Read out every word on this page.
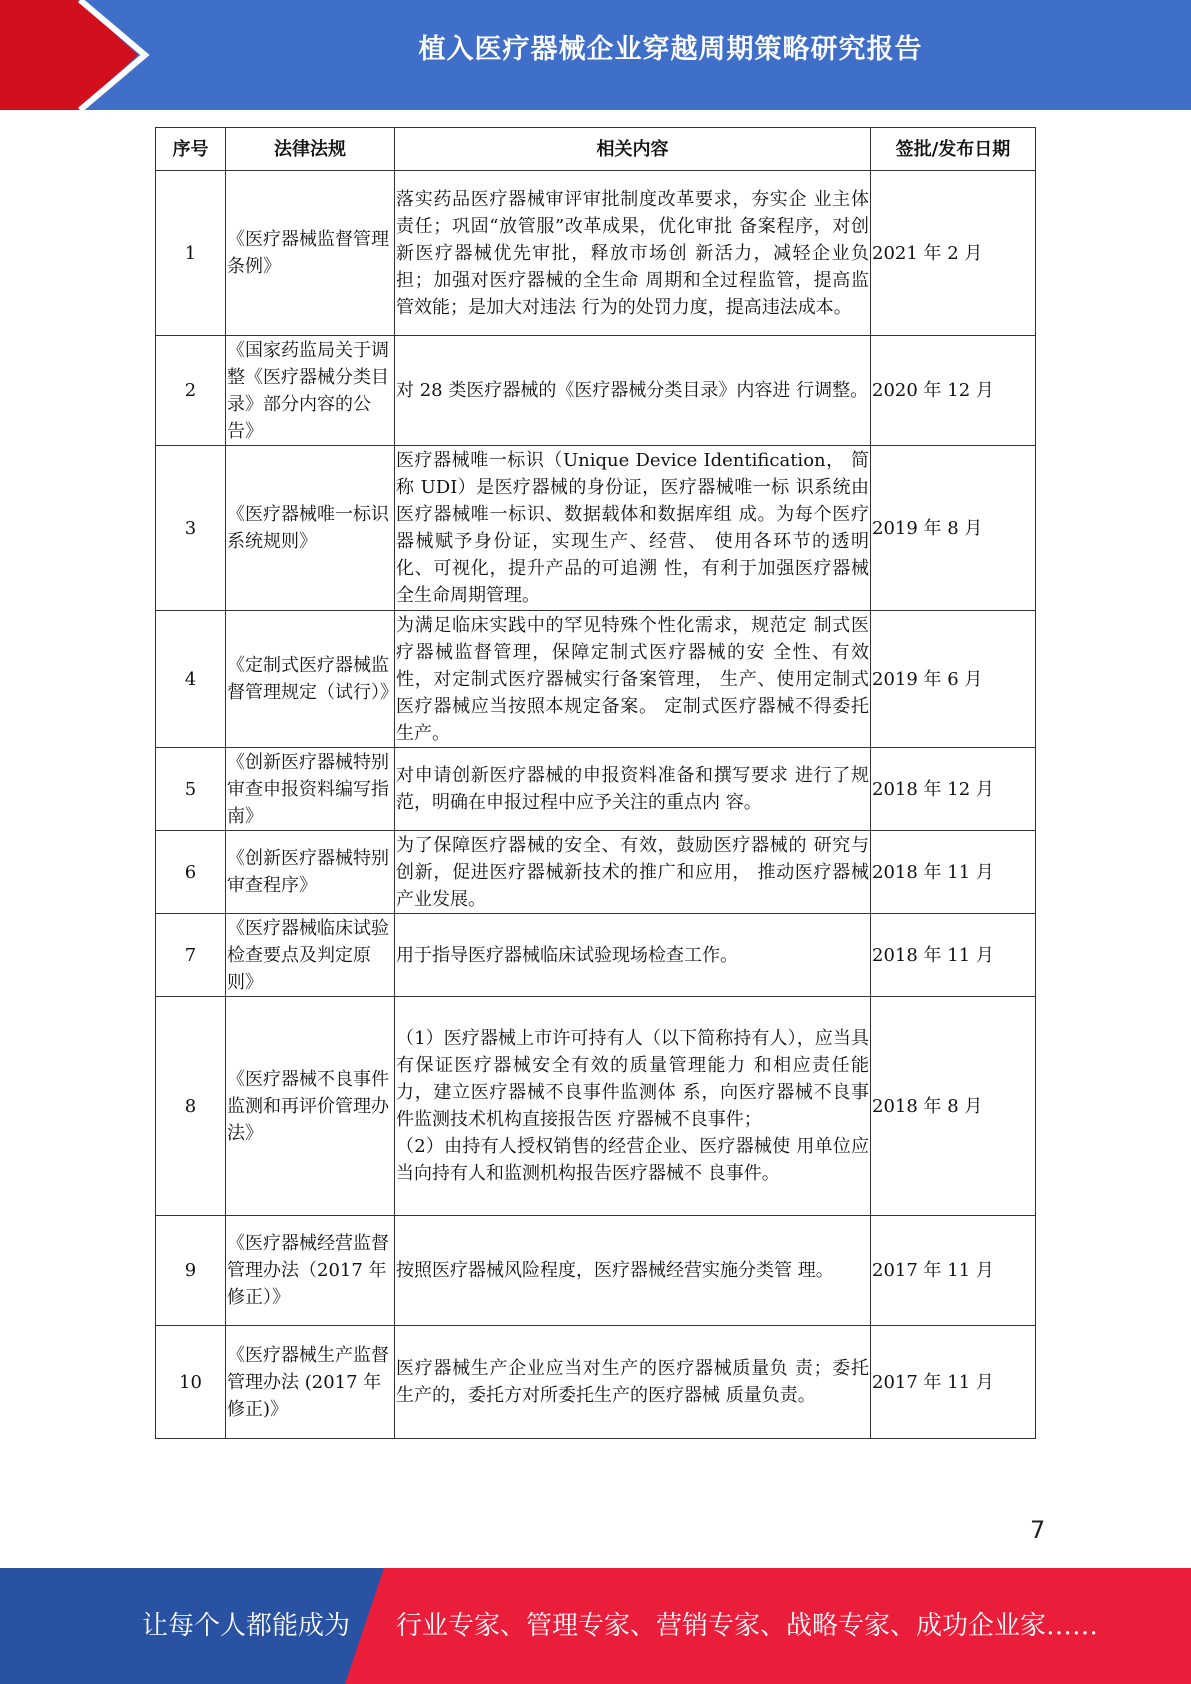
植入医疗器械企业穿越周期策略研究报告
序号	法律法规	相关内容	签批/发布日期
1	《医疗器械监督管理条例》	落实药品医疗器械审评审批制度改革要求，夯实企 业主体责任；巩固“放管服”改革成果，优化审批 备案程序，对创新医疗器械优先审批，释放市场创 新活力，减轻企业负担；加强对医疗器械的全生命 周期和全过程监管，提高监管效能；是加大对违法 行为的处罚力度，提高违法成本。	2021 年 2 月
2	《国家药监局关于调整《医疗器械分类目录》部分内容的公告》	对 28 类医疗器械的《医疗器械分类目录》内容进 行调整。	2020 年 12 月
3	《医疗器械唯一标识系统规则》	医疗器械唯一标识（Unique Device Identification， 简称 UDI）是医疗器械的身份证，医疗器械唯一标 识系统由医疗器械唯一标识、数据载体和数据库组 成。为每个医疗器械赋予身份证，实现生产、经营、 使用各环节的透明化、可视化，提升产品的可追溯 性，有利于加强医疗器械全生命周期管理。	2019 年 8 月
4	《定制式医疗器械监督管理规定（试行）》	为满足临床实践中的罕见特殊个性化需求，规范定 制式医疗器械监督管理，保障定制式医疗器械的安 全性、有效性，对定制式医疗器械实行备案管理， 生产、使用定制式医疗器械应当按照本规定备案。 定制式医疗器械不得委托生产。	2019 年 6 月
5	《创新医疗器械特别审查申报资料编写指南》	对申请创新医疗器械的申报资料准备和撰写要求 进行了规范，明确在申报过程中应予关注的重点内 容。	2018 年 12 月
6	《创新医疗器械特别审查程序》	为了保障医疗器械的安全、有效，鼓励医疗器械的 研究与创新，促进医疗器械新技术的推广和应用， 推动医疗器械产业发展。	2018 年 11 月
7	《医疗器械临床试验检查要点及判定原则》	用于指导医疗器械临床试验现场检查工作。	2018 年 11 月
8	《医疗器械不良事件监测和再评价管理办法》	（1）医疗器械上市许可持有人（以下简称持有人），应当具有保证医疗器械安全有效的质量管理能力 和相应责任能力，建立医疗器械不良事件监测体 系，向医疗器械不良事件监测技术机构直接报告医 疗器械不良事件；
（2）由持有人授权销售的经营企业、医疗器械使 用单位应当向持有人和监测机构报告医疗器械不 良事件。	2018 年 8 月
9	《医疗器械经营监督管理办法（2017 年修正）》	按照医疗器械风险程度，医疗器械经营实施分类管 理。	2017 年 11 月
10	《医疗器械生产监督管理办法 (2017 年修正)》	医疗器械生产企业应当对生产的医疗器械质量负 责；委托生产的，委托方对所委托生产的医疗器械 质量负责。	2017 年 11 月
7
让每个人都能成为 行业专家、管理专家、营销专家、战略专家、成功企业家……
